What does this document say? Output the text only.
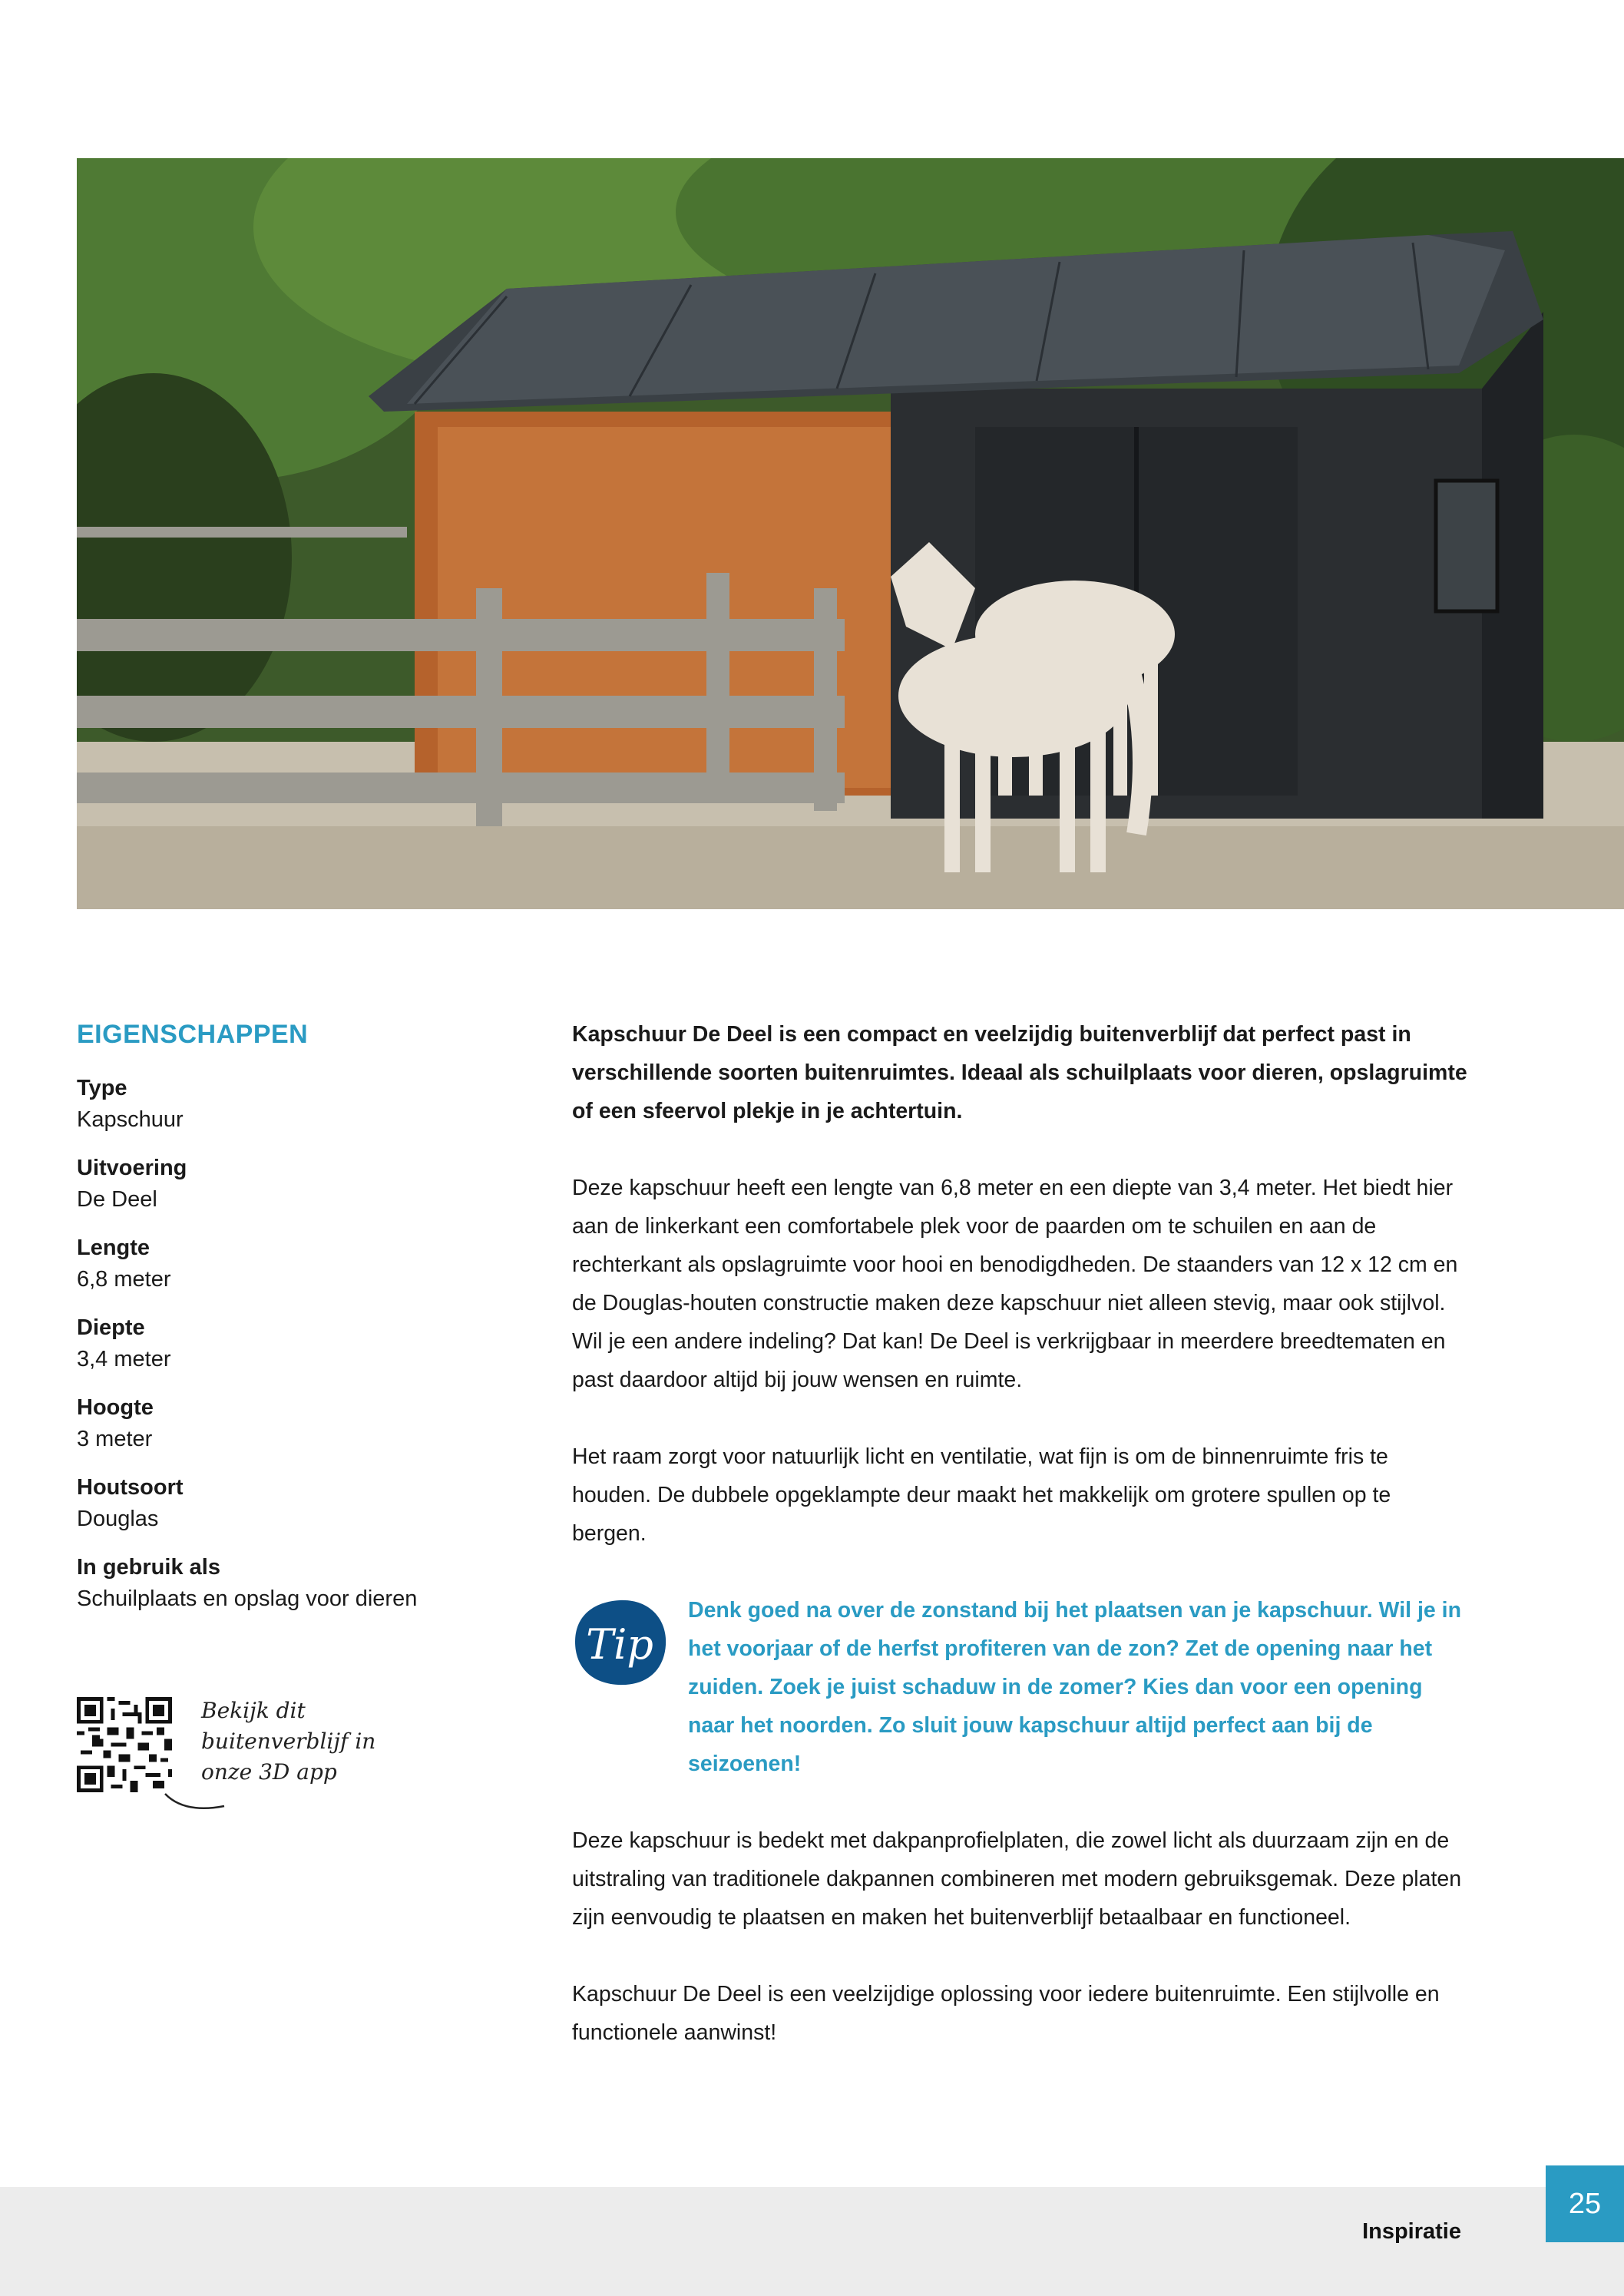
EIGENSCHAPPEN
Type
Kapschuur
Uitvoering
De Deel
Lengte
6,8 meter
Diepte
3,4 meter
Hoogte
3 meter
Houtsoort
Douglas
In gebruik als
Schuilplaats en opslag voor dieren
Bekijk dit
buitenverblijf in
onze 3D app

Kapschuur De Deel is een compact en veelzijdig buitenverblijf dat perfect past in verschillende soorten buitenruimtes. Ideaal als schuilplaats voor dieren, opslagruimte of een sfeervol plekje in je achtertuin.

Deze kapschuur heeft een lengte van 6,8 meter en een diepte van 3,4 meter. Het biedt hier aan de linkerkant een comfortabele plek voor de paarden om te schuilen en aan de rechterkant als opslagruimte voor hooi en benodigdheden. De staanders van 12 x 12 cm en de Douglas-houten constructie maken deze kapschuur niet alleen stevig, maar ook stijlvol. Wil je een andere indeling? Dat kan! De Deel is verkrijgbaar in meerdere breedtematen en past daardoor altijd bij jouw wensen en ruimte.

Het raam zorgt voor natuurlijk licht en ventilatie, wat fijn is om de binnenruimte fris te houden. De dubbele opgeklampte deur maakt het makkelijk om grotere spullen op te bergen.

Tip
Denk goed na over de zonstand bij het plaatsen van je kapschuur. Wil je in het voorjaar of de herfst profiteren van de zon? Zet de opening naar het zuiden. Zoek je juist schaduw in de zomer? Kies dan voor een opening naar het noorden. Zo sluit jouw kapschuur altijd perfect aan bij de seizoenen!

Deze kapschuur is bedekt met dakpanprofielplaten, die zowel licht als duurzaam zijn en de uitstraling van traditionele dakpannen combineren met modern gebruiksgemak. Deze platen zijn eenvoudig te plaatsen en maken het buitenverblijf betaalbaar en functioneel.

Kapschuur De Deel is een veelzijdige oplossing voor iedere buitenruimte. Een stijlvolle en functionele aanwinst!

Inspiratie
25
